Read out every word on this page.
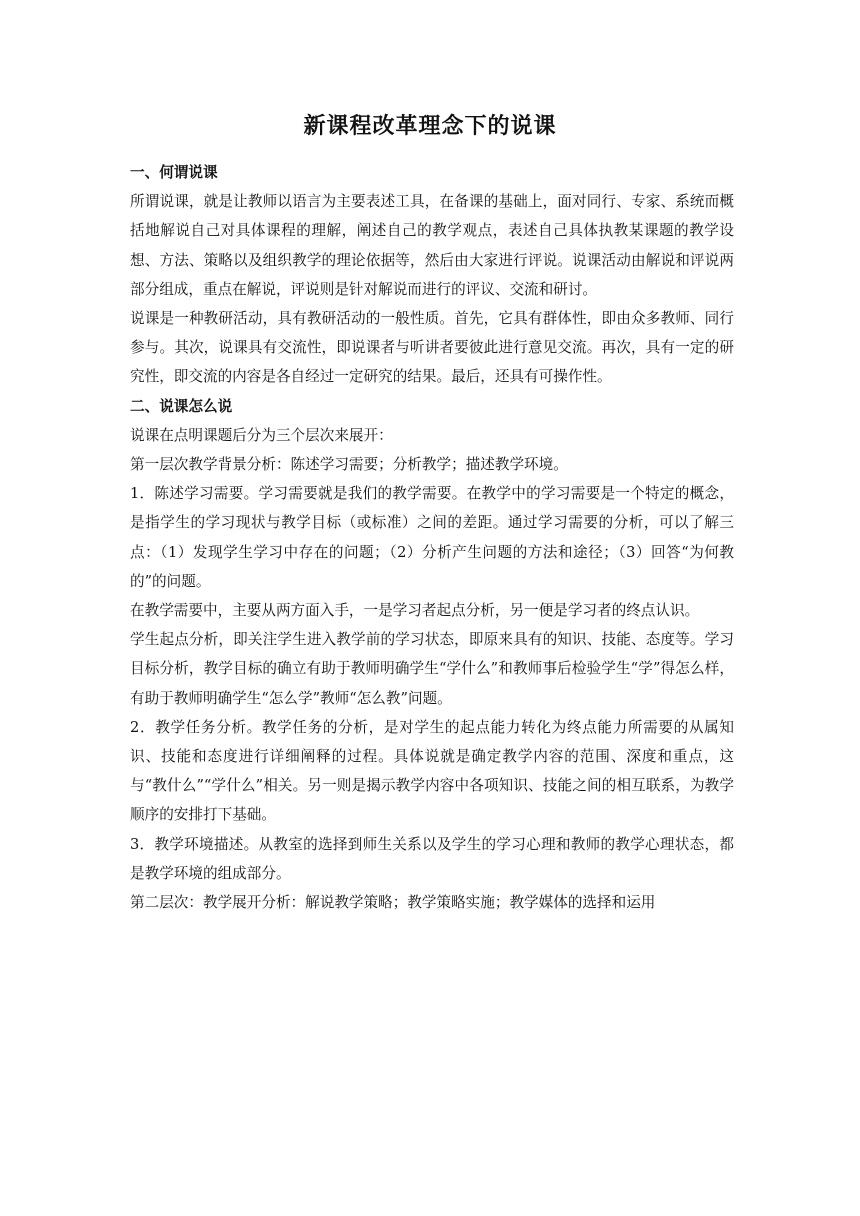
新课程改革理念下的说课
一、何谓说课

所谓说课，就是让教师以语言为主要表述工具，在备课的基础上，面对同行、专家、系统而概括地解说自己对具体课程的理解，阐述自己的教学观点，表述自己具体执教某课题的教学设想、方法、策略以及组织教学的理论依据等，然后由大家进行评说。说课活动由解说和评说两部分组成，重点在解说，评说则是针对解说而进行的评议、交流和研讨。

说课是一种教研活动，具有教研活动的一般性质。首先，它具有群体性，即由众多教师、同行参与。其次，说课具有交流性，即说课者与听讲者要彼此进行意见交流。再次，具有一定的研究性，即交流的内容是各自经过一定研究的结果。最后，还具有可操作性。

二、说课怎么说

说课在点明课题后分为三个层次来展开：

第一层次教学背景分析：陈述学习需要；分析教学；描述教学环境。

1．陈述学习需要。学习需要就是我们的教学需要。在教学中的学习需要是一个特定的概念，是指学生的学习现状与教学目标（或标准）之间的差距。通过学习需要的分析，可以了解三点：（1）发现学生学习中存在的问题；（2）分析产生问题的方法和途径；（3）回答“为何教的”的问题。

在教学需要中，主要从两方面入手，一是学习者起点分析，另一便是学习者的终点认识。

学生起点分析，即关注学生进入教学前的学习状态，即原来具有的知识、技能、态度等。学习目标分析，教学目标的确立有助于教师明确学生“学什么”和教师事后检验学生“学”得怎么样，有助于教师明确学生“怎么学”教师“怎么教”问题。

2．教学任务分析。教学任务的分析，是对学生的起点能力转化为终点能力所需要的从属知识、技能和态度进行详细阐释的过程。具体说就是确定教学内容的范围、深度和重点，这与“教什么”“学什么”相关。另一则是揭示教学内容中各项知识、技能之间的相互联系，为教学顺序的安排打下基础。

3．教学环境描述。从教室的选择到师生关系以及学生的学习心理和教师的教学心理状态，都是教学环境的组成部分。

第二层次：教学展开分析：解说教学策略；教学策略实施；教学媒体的选择和运用
